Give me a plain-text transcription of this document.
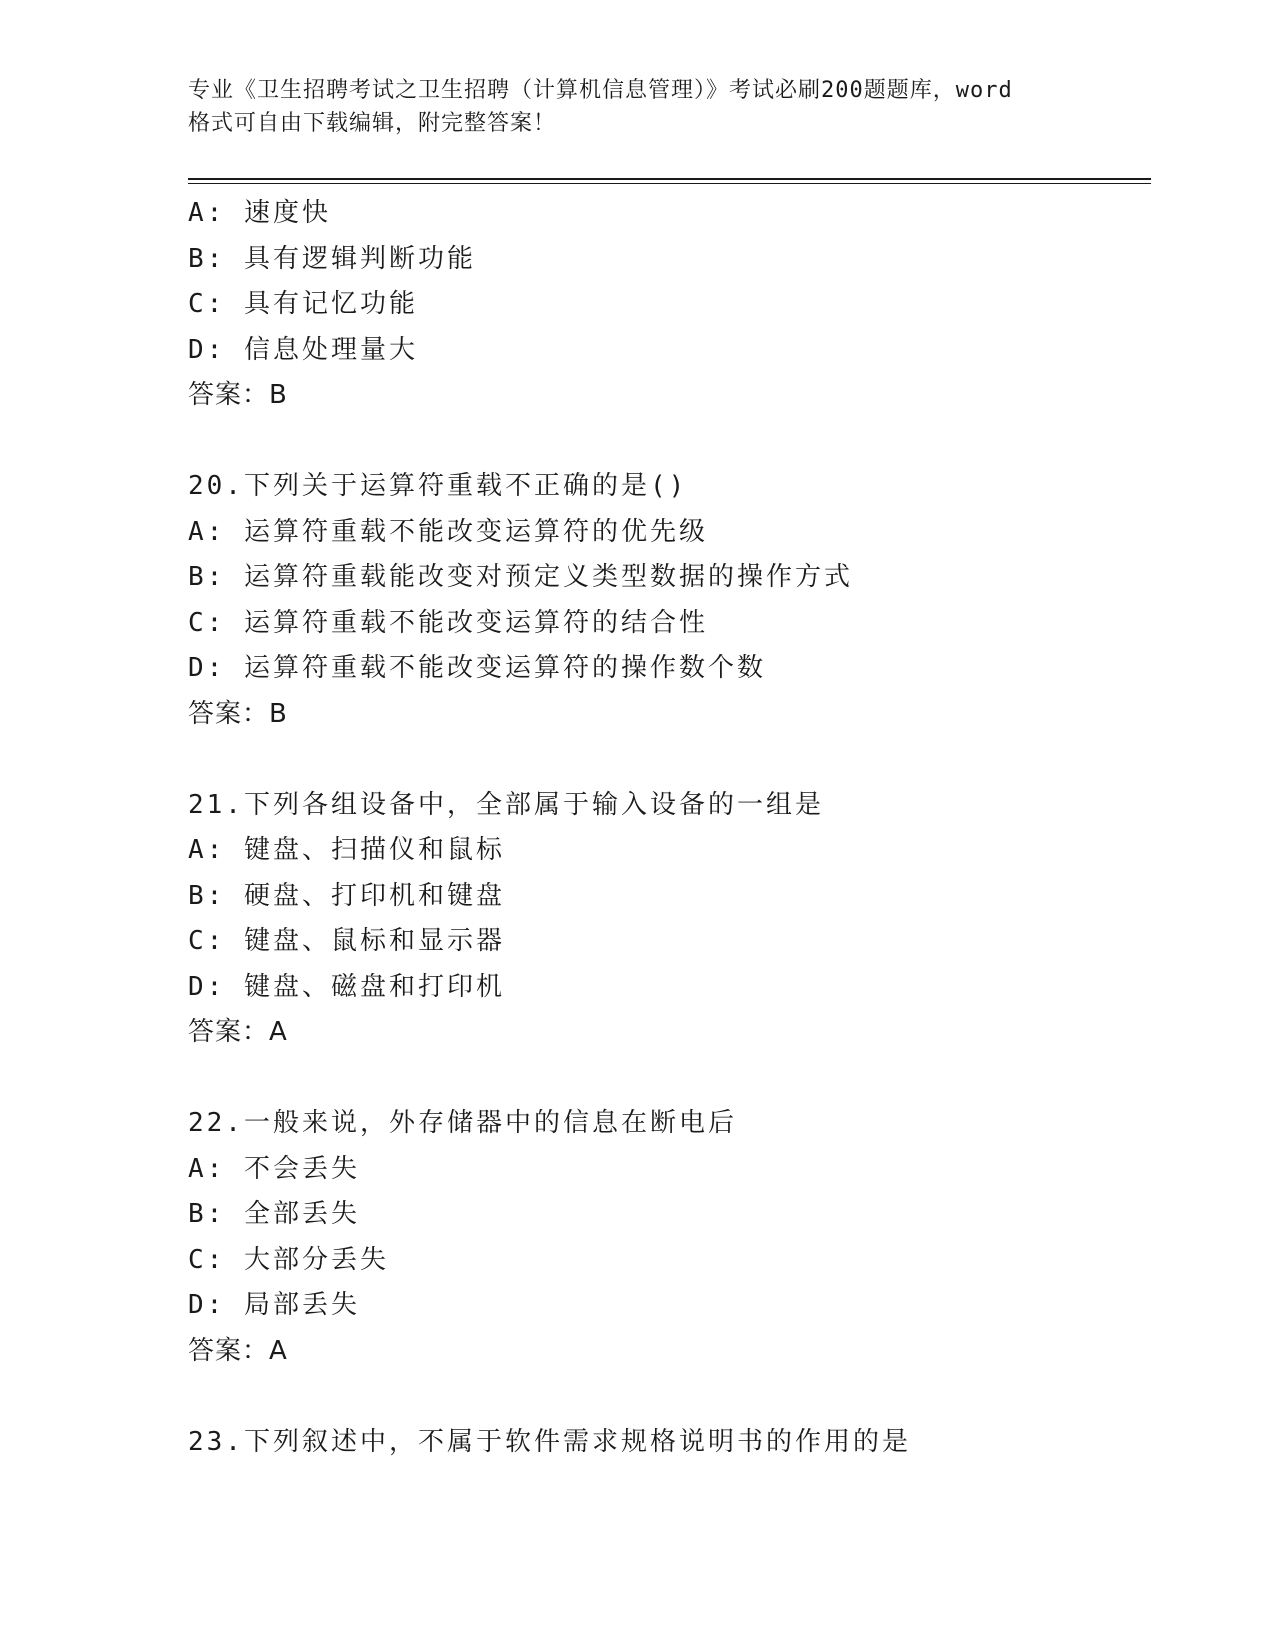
专业《卫生招聘考试之卫生招聘（计算机信息管理）》考试必刷200题题库，word
格式可自由下载编辑，附完整答案！
A: 速度快
B: 具有逻辑判断功能
C: 具有记忆功能
D: 信息处理量大
答案：B
20.下列关于运算符重载不正确的是()
A: 运算符重载不能改变运算符的优先级
B: 运算符重载能改变对预定义类型数据的操作方式
C: 运算符重载不能改变运算符的结合性
D: 运算符重载不能改变运算符的操作数个数
答案：B
21.下列各组设备中，全部属于输入设备的一组是
A: 键盘、扫描仪和鼠标
B: 硬盘、打印机和键盘
C: 键盘、鼠标和显示器
D: 键盘、磁盘和打印机
答案：A
22.一般来说，外存储器中的信息在断电后
A: 不会丢失
B: 全部丢失
C: 大部分丢失
D: 局部丢失
答案：A
23.下列叙述中，不属于软件需求规格说明书的作用的是
